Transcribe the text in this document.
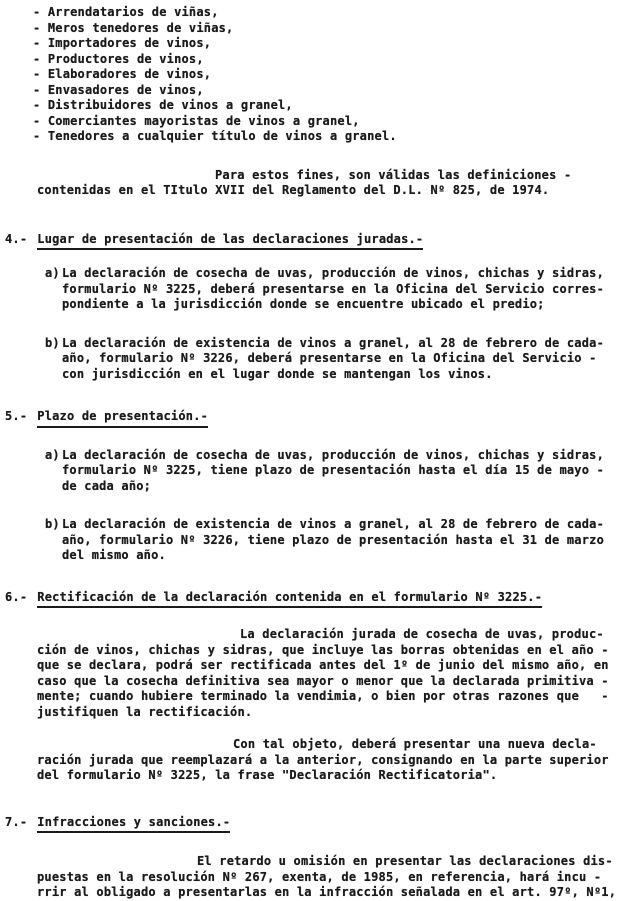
- Arrendatarios de viñas,
- Meros tenedores de viñas,
- Importadores de vinos,
- Productores de vinos,
- Elaboradores de vinos,
- Envasadores de vinos,
- Distribuidores de vinos a granel,
- Comerciantes mayoristas de vinos a granel,
- Tenedores a cualquier título de vinos a granel.
Para estos fines, son válidas las definiciones -
contenidas en el TItulo XVII del Reglamento del D.L. Nº 825, de 1974.
4.- Lugar de presentación de las declaraciones juradas.-
a) La declaración de cosecha de uvas, producción de vinos, chichas y sidras,
formulario Nº 3225, deberá presentarse en la Oficina del Servicio corres-
pondiente a la jurisdicción donde se encuentre ubicado el predio;
b) La declaración de existencia de vinos a granel, al 28 de febrero de cada-
año, formulario Nº 3226, deberá presentarse en la Oficina del Servicio -
con jurisdicción en el lugar donde se mantengan los vinos.
5.- Plazo de presentación.-
a) La declaración de cosecha de uvas, producción de vinos, chichas y sidras,
formulario Nº 3225, tiene plazo de presentación hasta el día 15 de mayo -
de cada año;
b) La declaración de existencia de vinos a granel, al 28 de febrero de cada-
año, formulario Nº 3226, tiene plazo de presentación hasta el 31 de marzo
del mismo año.
6.- Rectificación de la declaración contenida en el formulario Nº 3225.-
La declaración jurada de cosecha de uvas, produc-
ción de vinos, chichas y sidras, que incluye las borras obtenidas en el año -
que se declara, podrá ser rectificada antes del 1º de junio del mismo año, en
caso que la cosecha definitiva sea mayor o menor que la declarada primitiva -
mente; cuando hubiere terminado la vendimia, o bien por otras razones que   -
justifiquen la rectificación.
Con tal objeto, deberá presentar una nueva decla-
ración jurada que reemplazará a la anterior, consignando en la parte superior
del formulario Nº 3225, la frase "Declaración Rectificatoria".
7.- Infracciones y sanciones.-
El retardo u omisión en presentar las declaraciones dis-
puestas en la resolución Nº 267, exenta, de 1985, en referencia, hará incu -
rrir al obligado a presentarlas en la infracción señalada en el art. 97º, Nº1,
